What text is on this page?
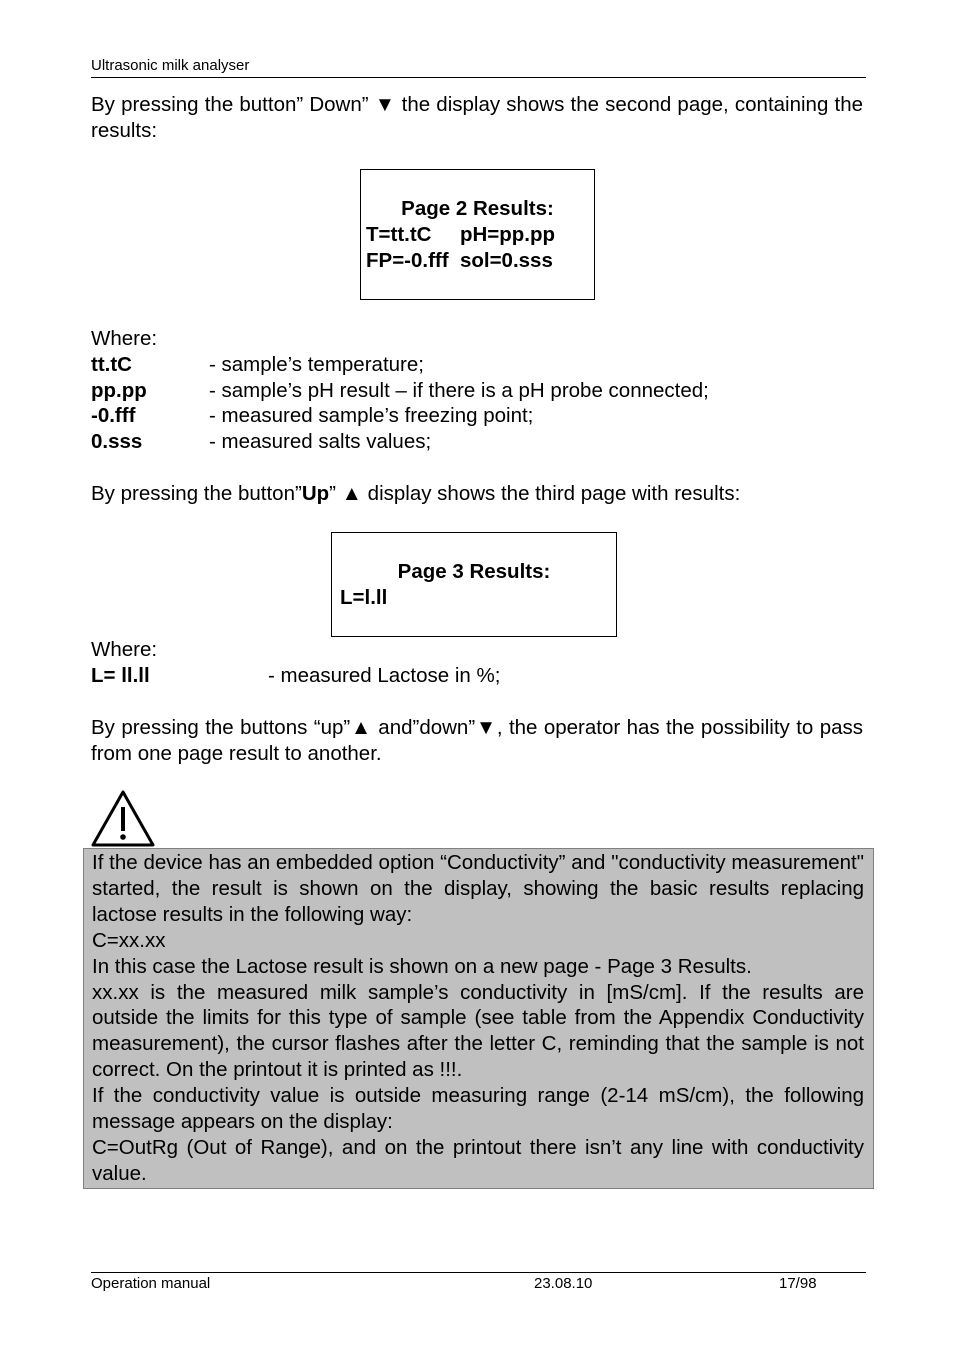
Ultrasonic milk analyser
By pressing the button” Down” ▼ the display shows the second page, containing the results:
Page 2 Results:
T=tt.tC     pH=pp.pp
FP=-0.fff  sol=0.sss
Where:
tt.tC	- sample’s temperature;
pp.pp	- sample’s pH result – if there is a pH probe connected;
-0.fff	- measured sample’s freezing point;
0.sss	- measured salts values;
By pressing the button”Up” ▲ display shows the third page with results:
Page 3 Results:
L=l.ll
Where:
L= ll.ll	- measured Lactose in %;
By pressing the buttons “up”▲ and”down”▼, the operator has the possibility to pass from one page result to another.

If the device has an embedded option “Conductivity” and "conductivity measurement" started, the result is shown on the display, showing the basic results replacing lactose results in the following way:

C=xx.xx

In this case the Lactose result is shown on a new page - Page 3 Results.

xx.xx is the measured milk sample’s conductivity in [mS/cm]. If the results are outside the limits for this type of sample (see table from the Appendix Conductivity measurement), the cursor flashes after the letter C, reminding that the sample is not correct. On the printout it is printed as !!!.

If the conductivity value is outside measuring range (2-14 mS/cm), the following message appears on the display:

C=OutRg (Out of Range), and on the printout there isn’t any line with conductivity value.

Operation manual	23.08.10	17/98
